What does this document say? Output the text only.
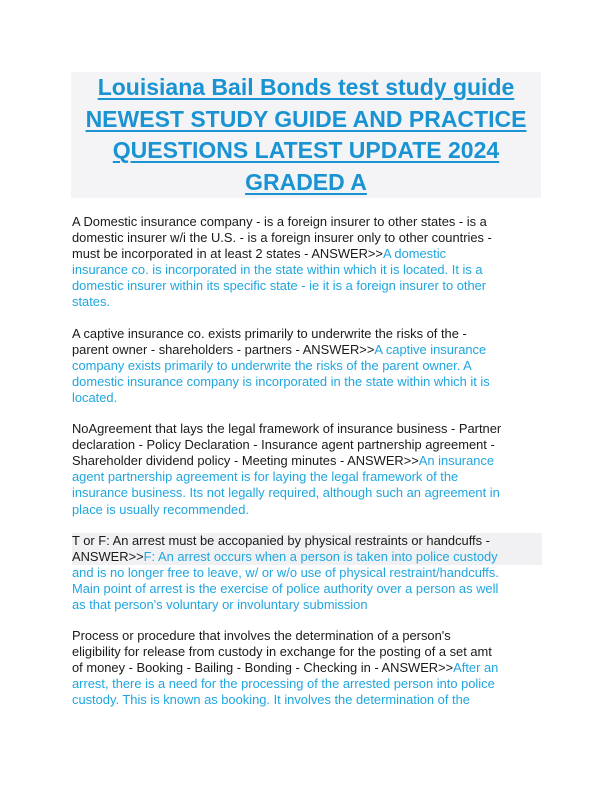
Louisiana Bail Bonds test study guide
NEWEST STUDY GUIDE AND PRACTICE
QUESTIONS LATEST UPDATE 2024
GRADED A

A Domestic insurance company - is a foreign insurer to other states - is a
domestic insurer w/i the U.S. - is a foreign insurer only to other countries -
must be incorporated in at least 2 states - ANSWER>>A domestic
insurance co. is incorporated in the state within which it is located. It is a
domestic insurer within its specific state - ie it is a foreign insurer to other
states.

A captive insurance co. exists primarily to underwrite the risks of the -
parent owner - shareholders - partners - ANSWER>>A captive insurance
company exists primarily to underwrite the risks of the parent owner. A
domestic insurance company is incorporated in the state within which it is
located.

NoAgreement that lays the legal framework of insurance business - Partner
declaration - Policy Declaration - Insurance agent partnership agreement -
Shareholder dividend policy - Meeting minutes - ANSWER>>An insurance
agent partnership agreement is for laying the legal framework of the
insurance business. Its not legally required, although such an agreement in
place is usually recommended.

T or F: An arrest must be accopanied by physical restraints or handcuffs -
ANSWER>>F: An arrest occurs when a person is taken into police custody
and is no longer free to leave, w/ or w/o use of physical restraint/handcuffs.
Main point of arrest is the exercise of police authority over a person as well
as that person's voluntary or involuntary submission

Process or procedure that involves the determination of a person's
eligibility for release from custody in exchange for the posting of a set amt
of money - Booking - Bailing - Bonding - Checking in - ANSWER>>After an
arrest, there is a need for the processing of the arrested person into police
custody. This is known as booking. It involves the determination of the
